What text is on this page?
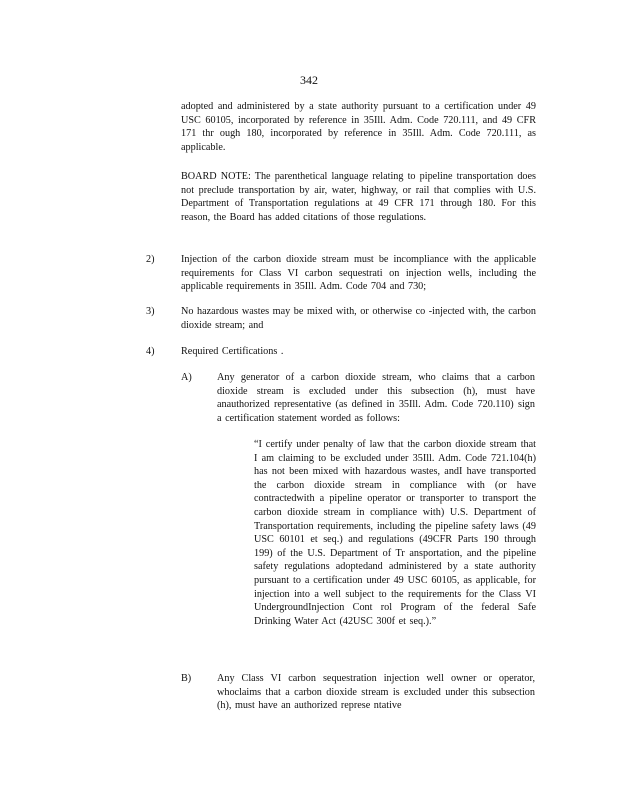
342

adopted and administered by a state authority pursuant to a certification under 49 USC 60105, incorporated by reference in 35Ill. Adm. Code 720.111, and 49 CFR 171 thr ough 180, incorporated by reference in 35Ill. Adm. Code 720.111, as applicable.

BOARD NOTE: The parenthetical language relating to pipeline transportation does not preclude transportation by air, water, highway, or rail that complies with U.S. Department of Transportation regulations at 49 CFR 171 through 180. For this reason, the Board has added citations of those regulations.

2)	Injection of the carbon dioxide stream must be incompliance with the applicable requirements for Class VI carbon sequestrati on injection wells, including the applicable requirements in 35Ill. Adm. Code 704 and 730;

3)	No hazardous wastes may be mixed with, or otherwise co -injected with, the carbon dioxide stream; and

4)	Required Certifications .

A) Any generator of a carbon dioxide stream, who claims that a carbon dioxide stream is excluded under this subsection (h), must have anauthorized representative (as defined in 35Ill. Adm. Code 720.110) sign a certification statement worded as follows:

“I certify under penalty of law that the carbon dioxide stream that I am claiming to be excluded under 35Ill. Adm. Code 721.104(h) has not been mixed with hazardous wastes, andI have transported the carbon dioxide stream in compliance with (or have contractedwith a pipeline operator or transporter to transport the carbon dioxide stream in compliance with) U.S. Department of Transportation requirements, including the pipeline safety laws (49 USC 60101 et seq.) and regulations (49CFR Parts 190 through 199) of the U.S. Department of Tr ansportation, and the pipeline safety regulations adoptedand administered by a state authority pursuant to a certification under 49 USC 60105, as applicable, for injection into a well subject to the requirements for the Class VI UndergroundInjection Cont rol Program of the federal Safe Drinking Water Act (42USC 300f et seq.).”

B)	Any Class VI carbon sequestration injection well owner or operator, whoclaims that a carbon dioxide stream is excluded under this subsection (h), must have an authorized represe ntative
